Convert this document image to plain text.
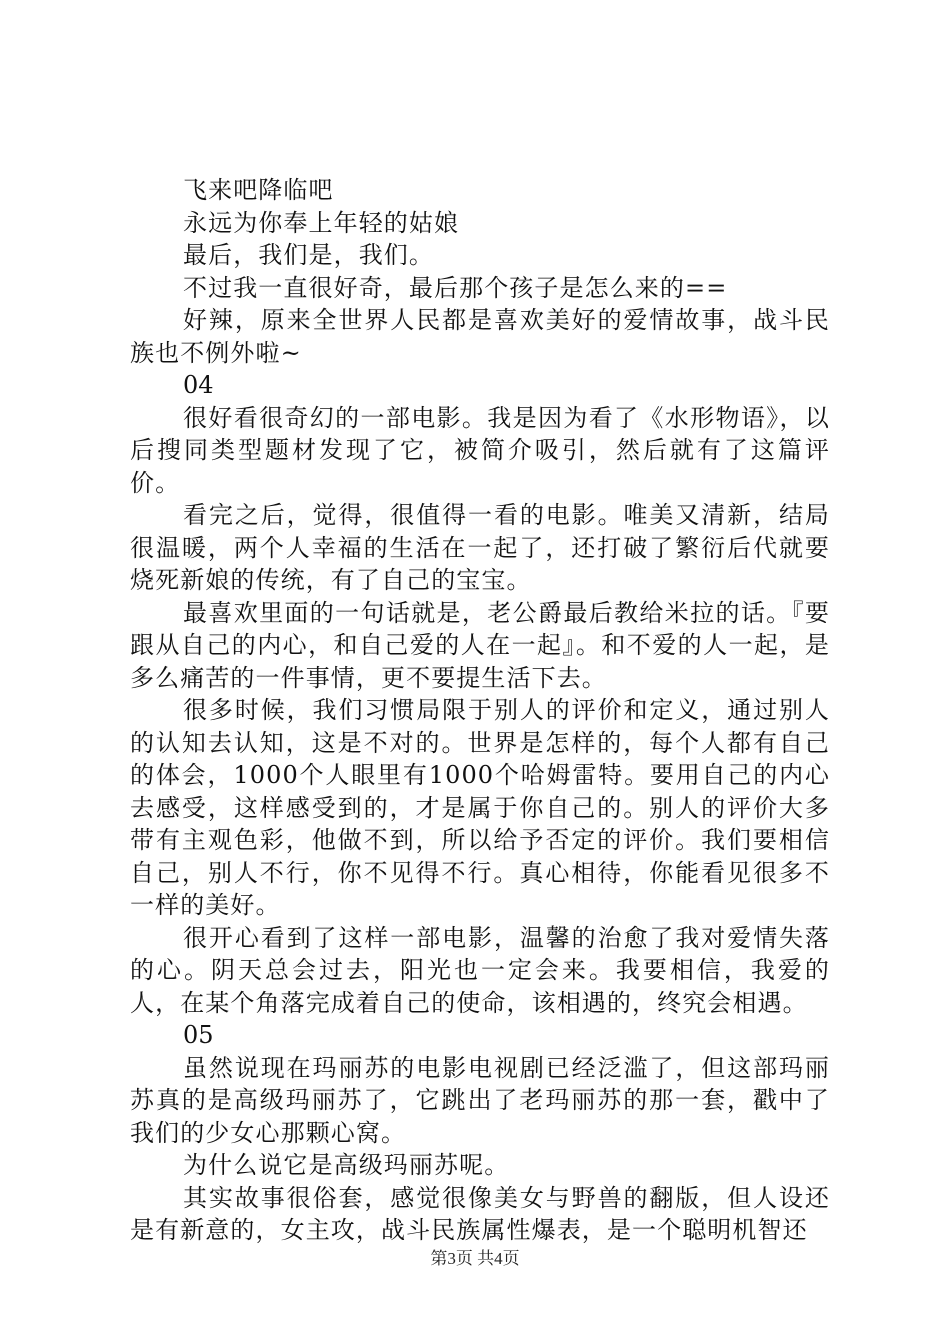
飞来吧降临吧

永远为你奉上年轻的姑娘

最后，我们是，我们。

不过我一直很好奇，最后那个孩子是怎么来的==

好辣，原来全世界人民都是喜欢美好的爱情故事，战斗民族也不例外啦~

04

很好看很奇幻的一部电影。我是因为看了《水形物语》，以后搜同类型题材发现了它，被简介吸引，然后就有了这篇评价。

看完之后，觉得，很值得一看的电影。唯美又清新，结局很温暖，两个人幸福的生活在一起了，还打破了繁衍后代就要烧死新娘的传统，有了自己的宝宝。

最喜欢里面的一句话就是，老公爵最后教给米拉的话。『要跟从自己的内心，和自己爱的人在一起』。和不爱的人一起，是多么痛苦的一件事情，更不要提生活下去。

很多时候，我们习惯局限于别人的评价和定义，通过别人的认知去认知，这是不对的。世界是怎样的，每个人都有自己的体会，1000个人眼里有1000个哈姆雷特。要用自己的内心去感受，这样感受到的，才是属于你自己的。别人的评价大多带有主观色彩，他做不到，所以给予否定的评价。我们要相信自己，别人不行，你不见得不行。真心相待，你能看见很多不一样的美好。

很开心看到了这样一部电影，温馨的治愈了我对爱情失落的心。阴天总会过去，阳光也一定会来。我要相信，我爱的人，在某个角落完成着自己的使命，该相遇的，终究会相遇。

05

虽然说现在玛丽苏的电影电视剧已经泛滥了，但这部玛丽苏真的是高级玛丽苏了，它跳出了老玛丽苏的那一套，戳中了我们的少女心那颗心窝。

为什么说它是高级玛丽苏呢。

其实故事很俗套，感觉很像美女与野兽的翻版，但人设还是有新意的，女主攻，战斗民族属性爆表，是一个聪明机智还

第3页 共4页
